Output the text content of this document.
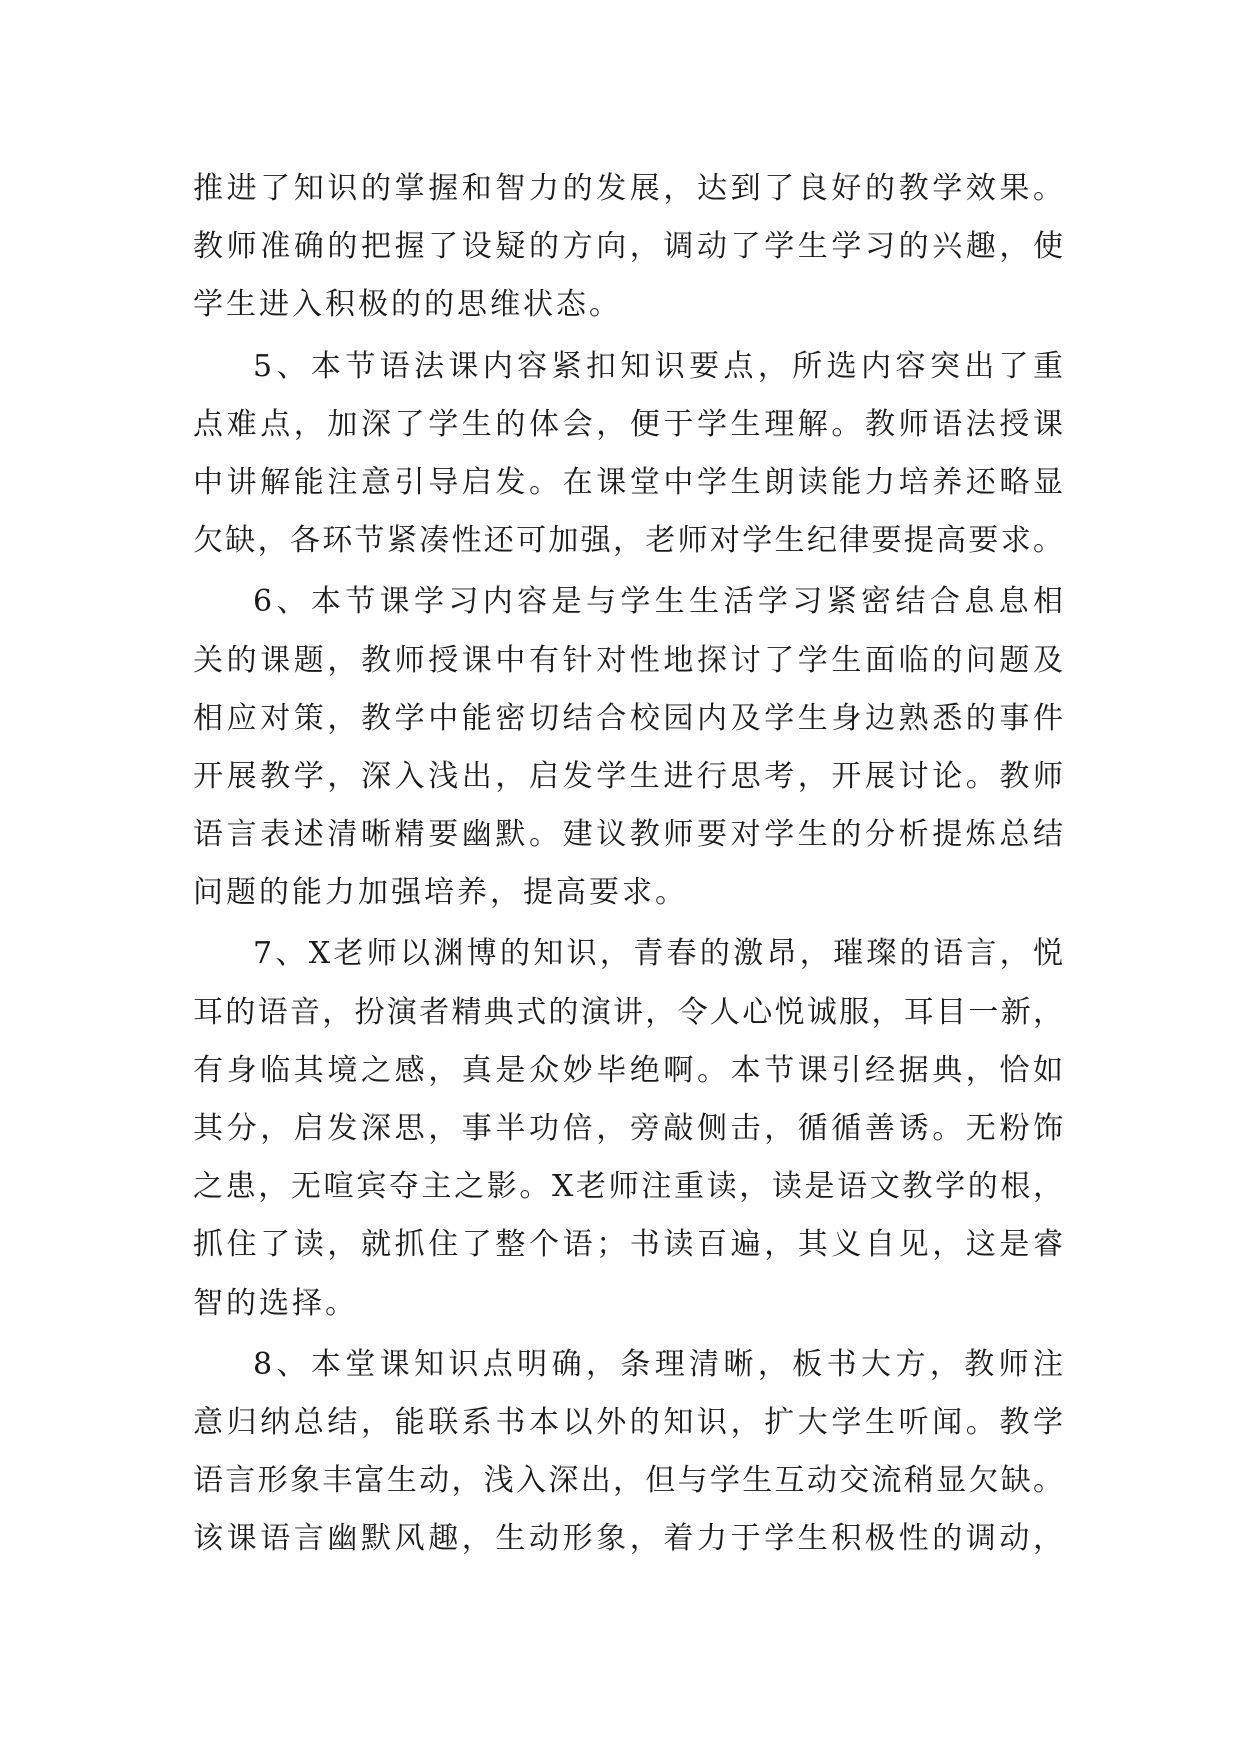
推进了知识的掌握和智力的发展，达到了良好的教学效果。
教师准确的把握了设疑的方向，调动了学生学习的兴趣，使
学生进入积极的的思维状态。
5、本节语法课内容紧扣知识要点，所选内容突出了重
点难点，加深了学生的体会，便于学生理解。教师语法授课
中讲解能注意引导启发。在课堂中学生朗读能力培养还略显
欠缺，各环节紧凑性还可加强，老师对学生纪律要提高要求。
6、本节课学习内容是与学生生活学习紧密结合息息相
关的课题，教师授课中有针对性地探讨了学生面临的问题及
相应对策，教学中能密切结合校园内及学生身边熟悉的事件
开展教学，深入浅出，启发学生进行思考，开展讨论。教师
语言表述清晰精要幽默。建议教师要对学生的分析提炼总结
问题的能力加强培养，提高要求。
7、X老师以渊博的知识，青春的激昂，璀璨的语言，悦
耳的语音，扮演者精典式的演讲，令人心悦诚服，耳目一新，
有身临其境之感，真是众妙毕绝啊。本节课引经据典，恰如
其分，启发深思，事半功倍，旁敲侧击，循循善诱。无粉饰
之患，无喧宾夺主之影。X老师注重读，读是语文教学的根，
抓住了读，就抓住了整个语；书读百遍，其义自见，这是睿
智的选择。
8、本堂课知识点明确，条理清晰，板书大方，教师注
意归纳总结，能联系书本以外的知识，扩大学生听闻。教学
语言形象丰富生动，浅入深出，但与学生互动交流稍显欠缺。
该课语言幽默风趣，生动形象，着力于学生积极性的调动，
